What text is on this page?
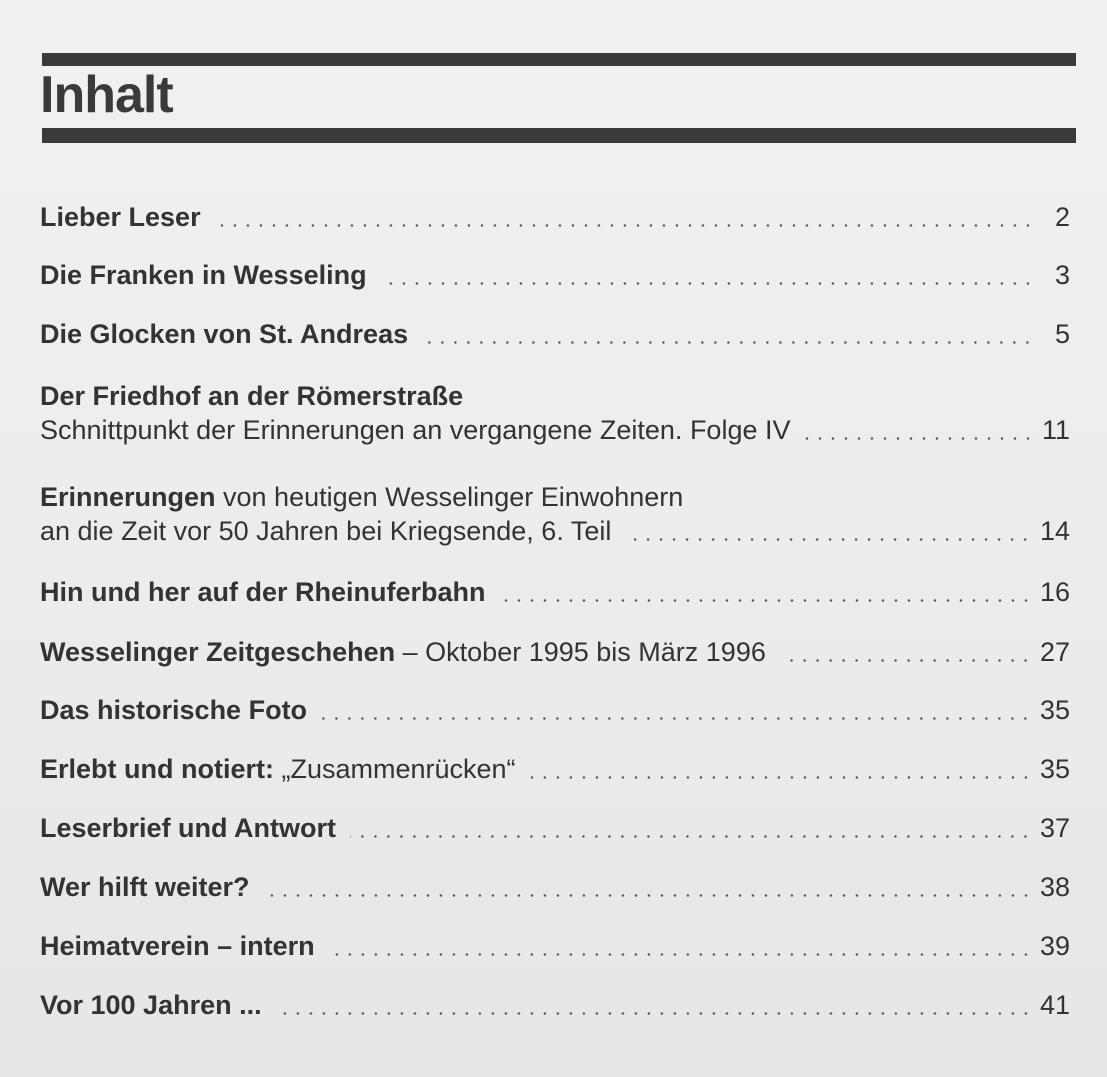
Inhalt
Lieber Leser	2
Die Franken in Wesseling	3
Die Glocken von St. Andreas	5
Der Friedhof an der Römerstraße
Schnittpunkt der Erinnerungen an vergangene Zeiten. Folge IV	11
Erinnerungen von heutigen Wesselinger Einwohnern
an die Zeit vor 50 Jahren bei Kriegsende, 6. Teil	14
Hin und her auf der Rheinuferbahn	16
Wesselinger Zeitgeschehen – Oktober 1995 bis März 1996	27
Das historische Foto	35
Erlebt und notiert: „Zusammenrücken“	35
Leserbrief und Antwort	37
Wer hilft weiter?	38
Heimatverein – intern	39
Vor 100 Jahren ...	41
